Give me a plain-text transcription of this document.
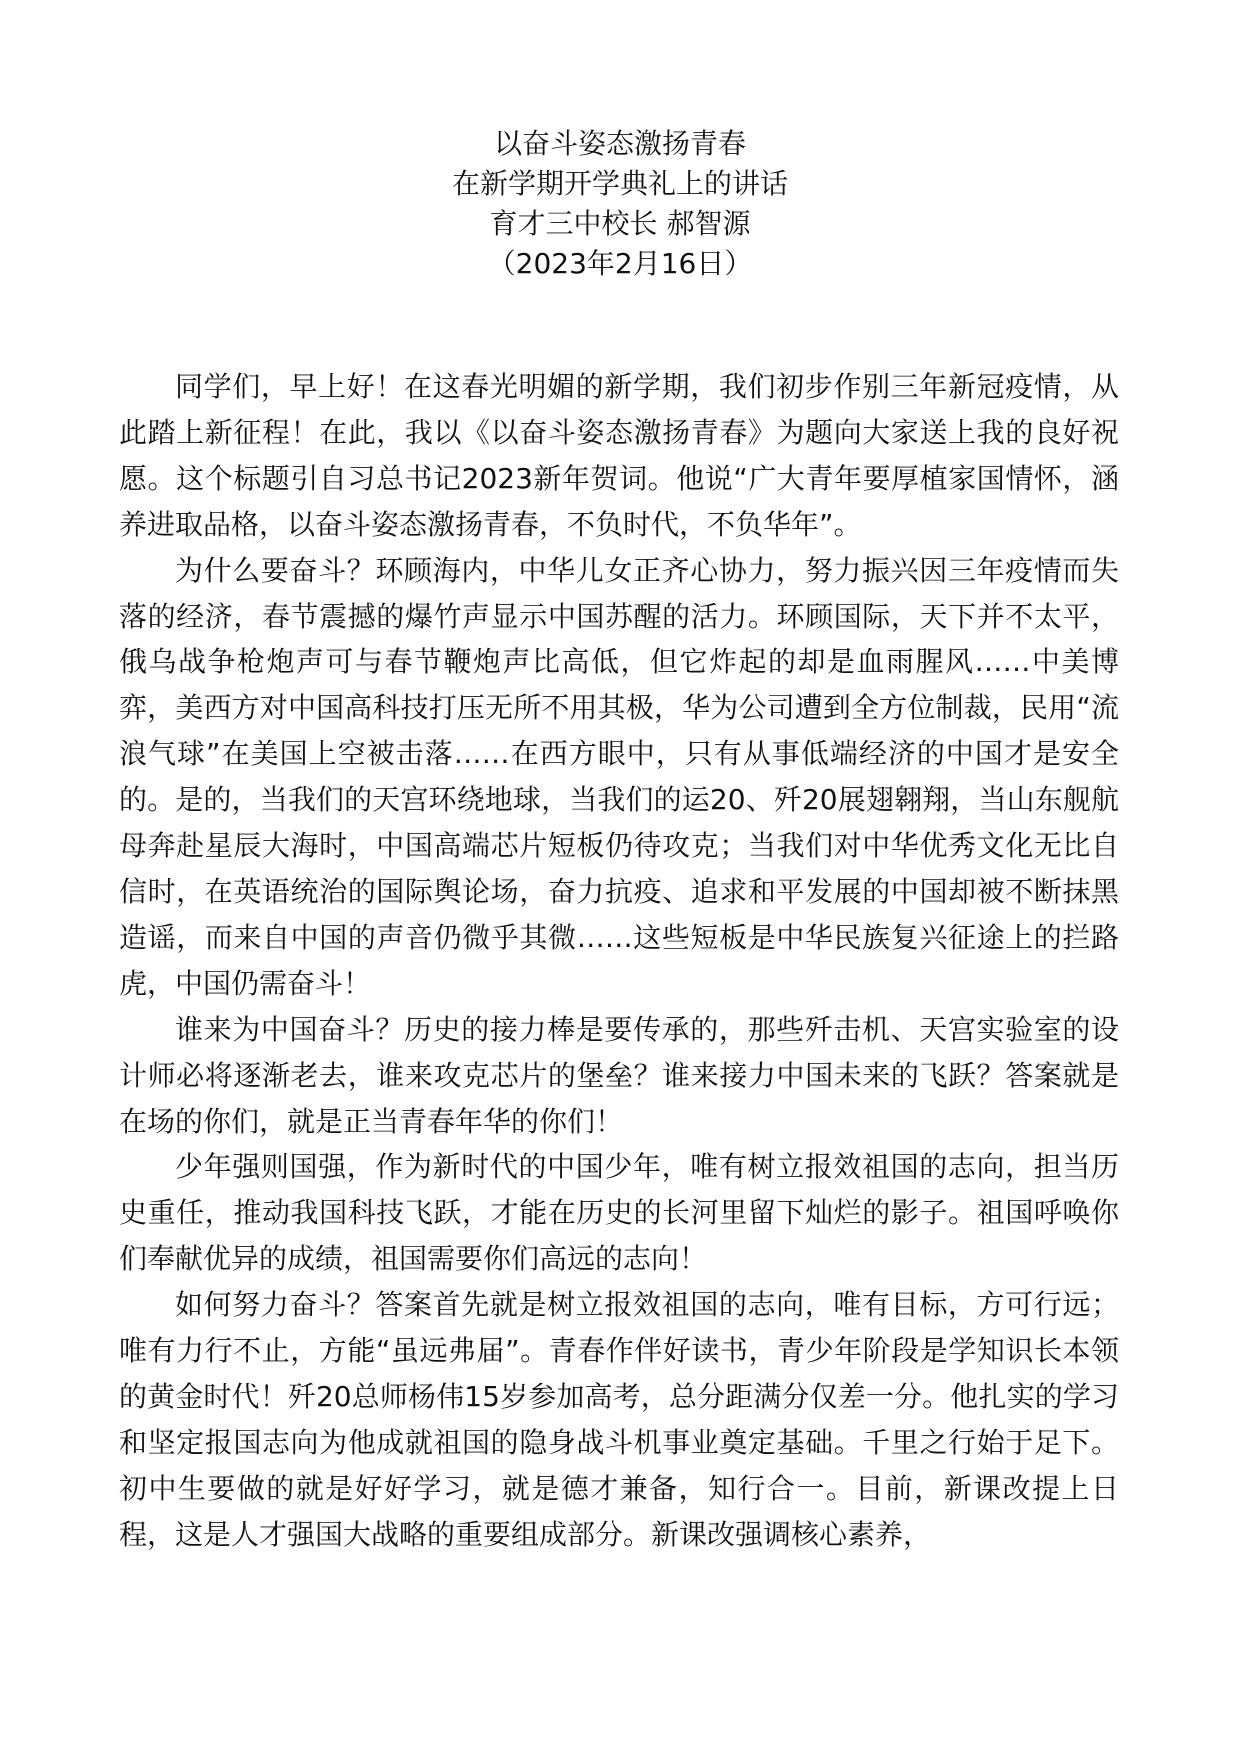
以奋斗姿态激扬青春
在新学期开学典礼上的讲话
育才三中校长 郝智源
（2023年2月16日）

同学们，早上好！在这春光明媚的新学期，我们初步作别三年新冠疫情，从此踏上新征程！在此，我以《以奋斗姿态激扬青春》为题向大家送上我的良好祝愿。这个标题引自习总书记2023新年贺词。他说“广大青年要厚植家国情怀，涵养进取品格，以奋斗姿态激扬青春，不负时代，不负华年”。

为什么要奋斗？环顾海内，中华儿女正齐心协力，努力振兴因三年疫情而失落的经济，春节震撼的爆竹声显示中国苏醒的活力。环顾国际，天下并不太平，俄乌战争枪炮声可与春节鞭炮声比高低，但它炸起的却是血雨腥风……中美博弈，美西方对中国高科技打压无所不用其极，华为公司遭到全方位制裁，民用“流浪气球”在美国上空被击落……在西方眼中，只有从事低端经济的中国才是安全的。是的，当我们的天宫环绕地球，当我们的运20、歼20展翅翱翔，当山东舰航母奔赴星辰大海时，中国高端芯片短板仍待攻克；当我们对中华优秀文化无比自信时，在英语统治的国际舆论场，奋力抗疫、追求和平发展的中国却被不断抹黑造谣，而来自中国的声音仍微乎其微……这些短板是中华民族复兴征途上的拦路虎，中国仍需奋斗！

谁来为中国奋斗？历史的接力棒是要传承的，那些歼击机、天宫实验室的设计师必将逐渐老去，谁来攻克芯片的堡垒？谁来接力中国未来的飞跃？答案就是在场的你们，就是正当青春年华的你们！

少年强则国强，作为新时代的中国少年，唯有树立报效祖国的志向，担当历史重任，推动我国科技飞跃，才能在历史的长河里留下灿烂的影子。祖国呼唤你们奉献优异的成绩，祖国需要你们高远的志向！

如何努力奋斗？答案首先就是树立报效祖国的志向，唯有目标，方可行远；唯有力行不止，方能“虽远弗届”。青春作伴好读书，青少年阶段是学知识长本领的黄金时代！歼20总师杨伟15岁参加高考，总分距满分仅差一分。他扎实的学习和坚定报国志向为他成就祖国的隐身战斗机事业奠定基础。千里之行始于足下。初中生要做的就是好好学习，就是德才兼备，知行合一。目前，新课改提上日程，这是人才强国大战略的重要组成部分。新课改强调核心素养，
